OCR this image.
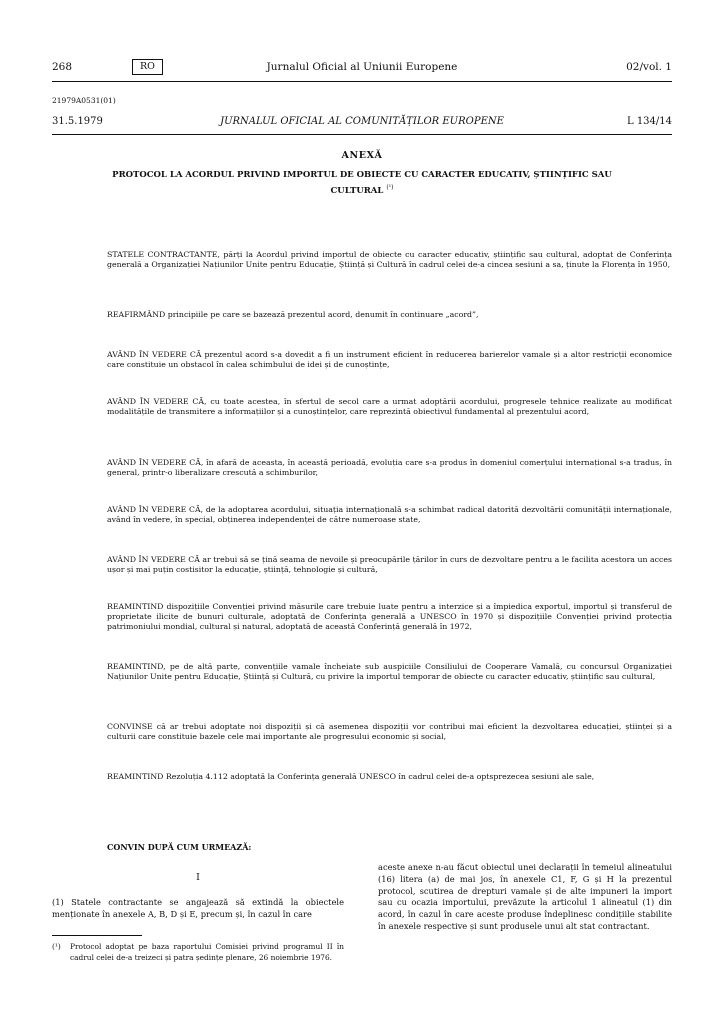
268	RO	Jurnalul Oficial al Uniunii Europene	02/vol. 1
21979A0531(01)
31.5.1979	JURNALUL OFICIAL AL COMUNITĂȚILOR EUROPENE	L 134/14
ANEXĂ
PROTOCOL LA ACORDUL PRIVIND IMPORTUL DE OBIECTE CU CARACTER EDUCATIV, ȘTIINȚIFIC SAU CULTURAL $^{(^1)}$
STATELE CONTRACTANTE, părți la Acordul privind importul de obiecte cu caracter educativ, științific sau cultural, adoptat de Conferința generală a Organizației Națiunilor Unite pentru Educație, Știință și Cultură în cadrul celei de-a cincea sesiuni a sa, ținute la Florența în 1950,
REAFIRMÂND principiile pe care se bazează prezentul acord, denumit în continuare „acord”,
AVÂND ÎN VEDERE CĂ prezentul acord s-a dovedit a fi un instrument eficient în reducerea barierelor vamale și a altor restricții economice care constituie un obstacol în calea schimbului de idei și de cunoștințe,
AVÂND ÎN VEDERE CĂ, cu toate acestea, în sfertul de secol care a urmat adoptării acordului, progresele tehnice realizate au modificat modalitățile de transmitere a informațiilor și a cunoștințelor, care reprezintă obiectivul fundamental al prezentului acord,
AVÂND ÎN VEDERE CĂ, în afară de aceasta, în această perioadă, evoluția care s-a produs în domeniul comerțului internațional s-a tradus, în general, printr-o liberalizare crescută a schimburilor,
AVÂND ÎN VEDERE CĂ, de la adoptarea acordului, situația internațională s-a schimbat radical datorită dezvoltării comunității internaționale, având în vedere, în special, obținerea independenței de către numeroase state,
AVÂND ÎN VEDERE CĂ ar trebui să se țină seama de nevoile și preocupările țărilor în curs de dezvoltare pentru a le facilita acestora un acces ușor și mai puțin costisitor la educație, știință, tehnologie și cultură,
REAMINTIND dispozițiile Convenției privind măsurile care trebuie luate pentru a interzice și a împiedica exportul, importul și transferul de proprietate ilicite de bunuri culturale, adoptată de Conferința generală a UNESCO în 1970 și dispozițiile Convenției privind protecția patrimoniului mondial, cultural și natural, adoptată de această Conferință generală în 1972,
REAMINTIND, pe de altă parte, convențiile vamale încheiate sub auspiciile Consiliului de Cooperare Vamală, cu concursul Organizației Națiunilor Unite pentru Educație, Știință și Cultură, cu privire la importul temporar de obiecte cu caracter educativ, științific sau cultural,
CONVINSE că ar trebui adoptate noi dispoziții și că asemenea dispoziții vor contribui mai eficient la dezvoltarea educației, științei și a culturii care constituie bazele cele mai importante ale progresului economic și social,
REAMINTIND Rezoluția 4.112 adoptată la Conferința generală UNESCO în cadrul celei de-a optsprezecea sesiuni ale sale,
CONVIN DUPĂ CUM URMEAZĂ:
I
(1) Statele contractante se angajează să extindă la obiectele menționate în anexele A, B, D și E, precum și, în cazul în care
(¹) Protocol adoptat pe baza raportului Comisiei privind programul II în cadrul celei de-a treizeci și patra ședințe plenare, 26 noiembrie 1976.
aceste anexe n-au făcut obiectul unei declarații în temeiul alineatului (16) litera (a) de mai jos, în anexele C1, F, G și H la prezentul protocol, scutirea de drepturi vamale și de alte impuneri la import sau cu ocazia importului, prevăzute la articolul 1 alineatul (1) din acord, în cazul în care aceste produse îndeplinesc condițiile stabilite în anexele respective și sunt produsele unui alt stat contractant.
